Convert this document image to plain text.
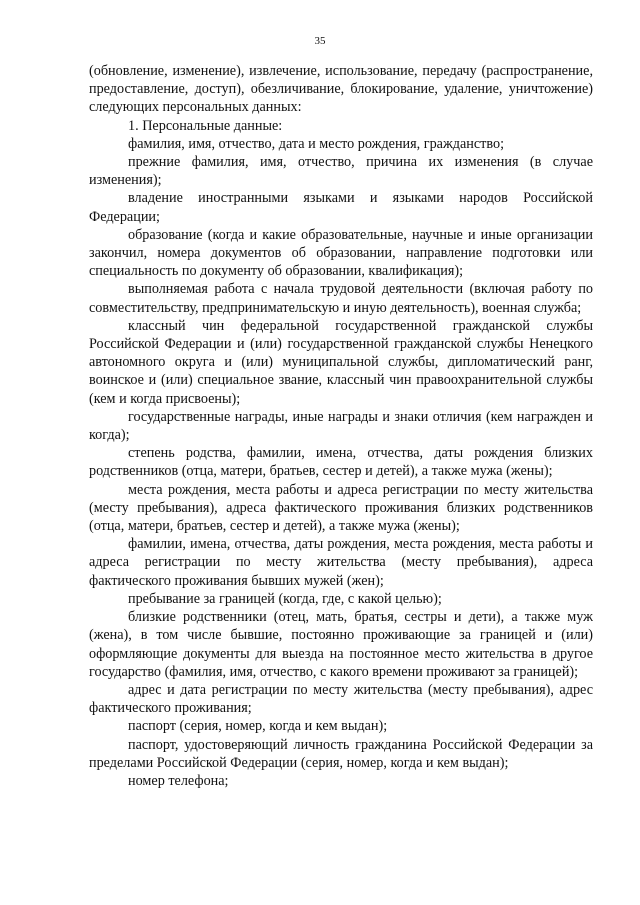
35

(обновление, изменение), извлечение, использование, передачу (распространение, предоставление, доступ), обезличивание, блокирование, удаление, уничтожение) следующих персональных данных:

1. Персональные данные:

фамилия, имя, отчество, дата и место рождения, гражданство;

прежние фамилия, имя, отчество, причина их изменения (в случае изменения);

владение иностранными языками и языками народов Российской Федерации;

образование (когда и какие образовательные, научные и иные организации закончил, номера документов об образовании, направление подготовки или специальность по документу об образовании, квалификация);

выполняемая работа с начала трудовой деятельности (включая работу по совместительству, предпринимательскую и иную деятельность), военная служба;

классный чин федеральной государственной гражданской службы Российской Федерации и (или) государственной гражданской службы Ненецкого автономного округа и (или) муниципальной службы, дипломатический ранг, воинское и (или) специальное звание, классный чин правоохранительной службы (кем и когда присвоены);

государственные награды, иные награды и знаки отличия (кем награжден и когда);

степень родства, фамилии, имена, отчества, даты рождения близких родственников (отца, матери, братьев, сестер и детей), а также мужа (жены);

места рождения, места работы и адреса регистрации по месту жительства (месту пребывания), адреса фактического проживания близких родственников (отца, матери, братьев, сестер и детей), а также мужа (жены);

фамилии, имена, отчества, даты рождения, места рождения, места работы и адреса регистрации по месту жительства (месту пребывания), адреса фактического проживания бывших мужей (жен);

пребывание за границей (когда, где, с какой целью);

близкие родственники (отец, мать, братья, сестры и дети), а также муж (жена), в том числе бывшие, постоянно проживающие за границей и (или) оформляющие документы для выезда на постоянное место жительства в другое государство (фамилия, имя, отчество, с какого времени проживают за границей);

адрес и дата регистрации по месту жительства (месту пребывания), адрес фактического проживания;

паспорт (серия, номер, когда и кем выдан);

паспорт, удостоверяющий личность гражданина Российской Федерации за пределами Российской Федерации (серия, номер, когда и кем выдан);

номер телефона;
